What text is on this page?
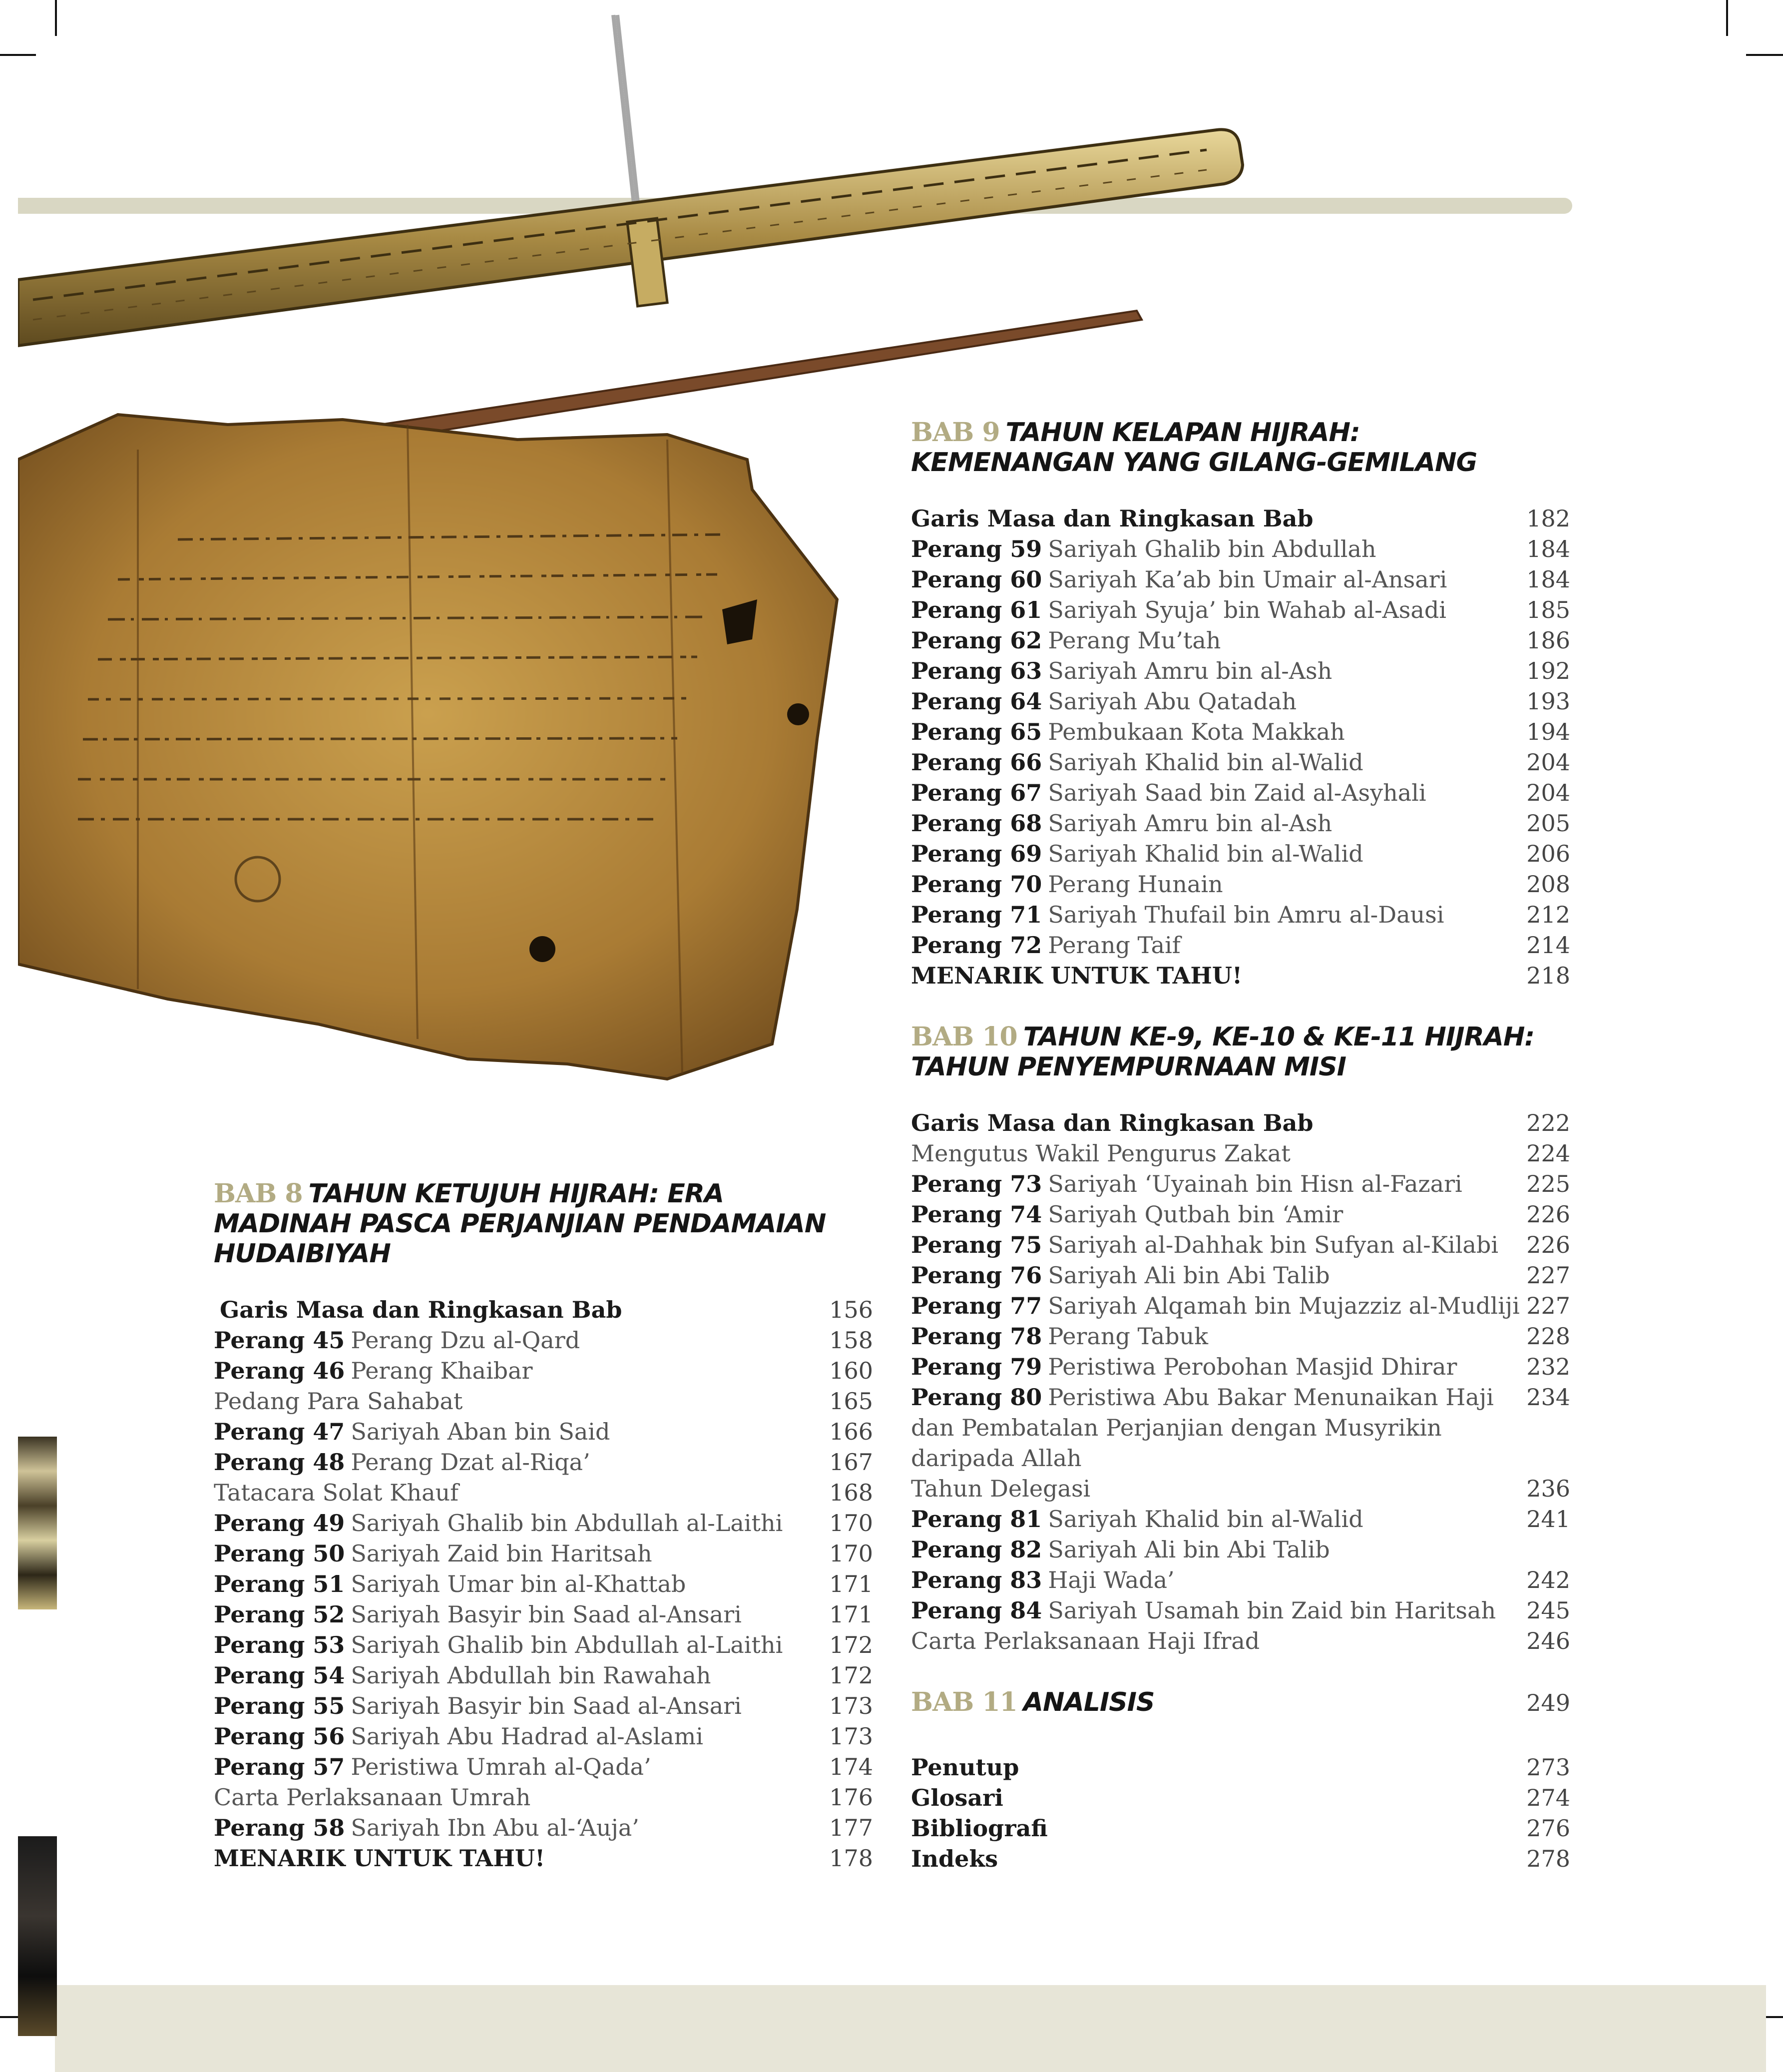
BAB 8 TAHUN KETUJUH HIJRAH: ERA
MADINAH PASCA PERJANJIAN PENDAMAIAN
HUDAIBIYAH
Garis Masa dan Ringkasan Bab	156
Perang 45 Perang Dzu al-Qard	158
Perang 46 Perang Khaibar	160
Pedang Para Sahabat	165
Perang 47 Sariyah Aban bin Said	166
Perang 48 Perang Dzat al-Riqa’	167
Tatacara Solat Khauf	168
Perang 49 Sariyah Ghalib bin Abdullah al-Laithi	170
Perang 50 Sariyah Zaid bin Haritsah	170
Perang 51 Sariyah Umar bin al-Khattab	171
Perang 52 Sariyah Basyir bin Saad al-Ansari	171
Perang 53 Sariyah Ghalib bin Abdullah al-Laithi	172
Perang 54 Sariyah Abdullah bin Rawahah	172
Perang 55 Sariyah Basyir bin Saad al-Ansari	173
Perang 56 Sariyah Abu Hadrad al-Aslami	173
Perang 57 Peristiwa Umrah al-Qada’	174
Carta Perlaksanaan Umrah	176
Perang 58 Sariyah Ibn Abu al-‘Auja’	177
MENARIK UNTUK TAHU!	178
BAB 9 TAHUN KELAPAN HIJRAH:
KEMENANGAN YANG GILANG-GEMILANG
Garis Masa dan Ringkasan Bab	182
Perang 59 Sariyah Ghalib bin Abdullah	184
Perang 60 Sariyah Ka’ab bin Umair al-Ansari	184
Perang 61 Sariyah Syuja’ bin Wahab al-Asadi	185
Perang 62 Perang Mu’tah	186
Perang 63 Sariyah Amru bin al-Ash	192
Perang 64 Sariyah Abu Qatadah	193
Perang 65 Pembukaan Kota Makkah	194
Perang 66 Sariyah Khalid bin al-Walid	204
Perang 67 Sariyah Saad bin Zaid al-Asyhali	204
Perang 68 Sariyah Amru bin al-Ash	205
Perang 69 Sariyah Khalid bin al-Walid	206
Perang 70 Perang Hunain	208
Perang 71 Sariyah Thufail bin Amru al-Dausi	212
Perang 72 Perang Taif	214
MENARIK UNTUK TAHU!	218
BAB 10 TAHUN KE-9, KE-10 & KE-11 HIJRAH:
TAHUN PENYEMPURNAAN MISI
Garis Masa dan Ringkasan Bab	222
Mengutus Wakil Pengurus Zakat	224
Perang 73 Sariyah ‘Uyainah bin Hisn al-Fazari	225
Perang 74 Sariyah Qutbah bin ‘Amir	226
Perang 75 Sariyah al-Dahhak bin Sufyan al-Kilabi	226
Perang 76 Sariyah Ali bin Abi Talib	227
Perang 77 Sariyah Alqamah bin Mujazziz al-Mudliji 227
Perang 78 Perang Tabuk	228
Perang 79 Peristiwa Perobohan Masjid Dhirar	232
Perang 80 Peristiwa Abu Bakar Menunaikan Haji	234
dan Pembatalan Perjanjian dengan Musyrikin
daripada Allah
Tahun Delegasi	236
Perang 81 Sariyah Khalid bin al-Walid	241
Perang 82 Sariyah Ali bin Abi Talib
Perang 83 Haji Wada’	242
Perang 84 Sariyah Usamah bin Zaid bin Haritsah	245
Carta Perlaksanaan Haji Ifrad	246
BAB 11 ANALISIS	249
Penutup	273
Glosari	274
Bibliografi	276
Indeks	278
